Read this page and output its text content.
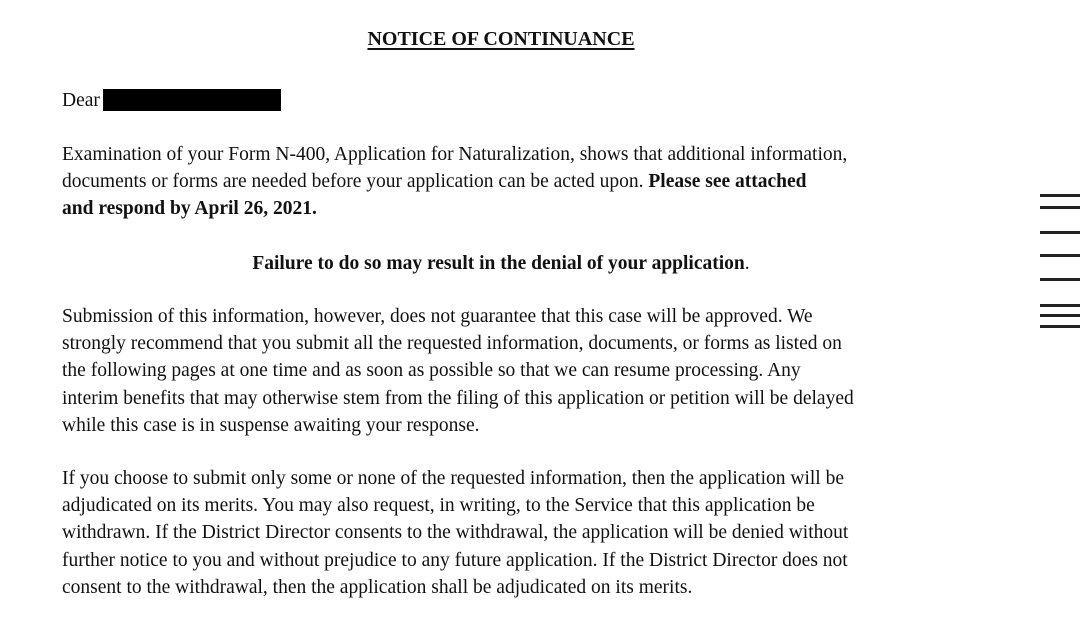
NOTICE OF CONTINUANCE

Dear

Examination of your Form N-400, Application for Naturalization, shows that additional information,
documents or forms are needed before your application can be acted upon. Please see attached
and respond by April 26, 2021.

Failure to do so may result in the denial of your application.

Submission of this information, however, does not guarantee that this case will be approved. We
strongly recommend that you submit all the requested information, documents, or forms as listed on
the following pages at one time and as soon as possible so that we can resume processing. Any
interim benefits that may otherwise stem from the filing of this application or petition will be delayed
while this case is in suspense awaiting your response.

If you choose to submit only some or none of the requested information, then the application will be
adjudicated on its merits. You may also request, in writing, to the Service that this application be
withdrawn. If the District Director consents to the withdrawal, the application will be denied without
further notice to you and without prejudice to any future application. If the District Director does not
consent to the withdrawal, then the application shall be adjudicated on its merits.
